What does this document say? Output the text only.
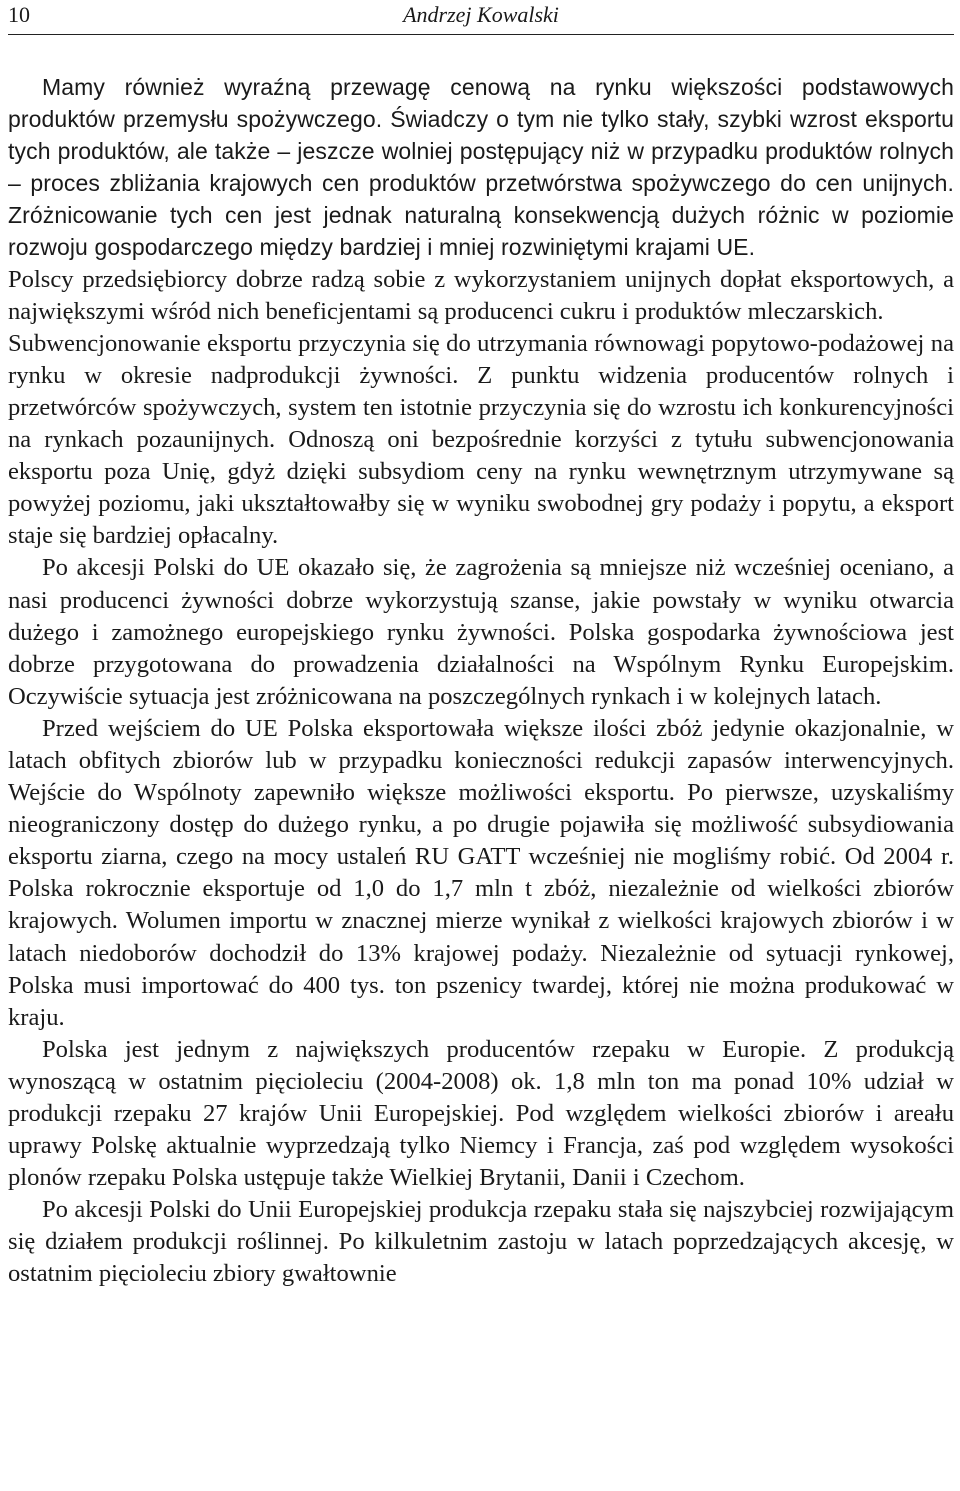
10	Andrzej Kowalski

Mamy również wyraźną przewagę cenową na rynku większości podstawowych produktów przemysłu spożywczego. Świadczy o tym nie tylko stały, szybki wzrost eksportu tych produktów, ale także – jeszcze wolniej postępujący niż w przypadku produktów rolnych – proces zbliżania krajowych cen produktów przetwórstwa spożywczego do cen unijnych. Zróżnicowanie tych cen jest jednak naturalną konsekwencją dużych różnic w poziomie rozwoju gospodarczego między bardziej i mniej rozwiniętymi krajami UE.

Polscy przedsiębiorcy dobrze radzą sobie z wykorzystaniem unijnych dopłat eksportowych, a największymi wśród nich beneficjentami są producenci cukru i produktów mleczarskich.

Subwencjonowanie eksportu przyczynia się do utrzymania równowagi popytowo-podażowej na rynku w okresie nadprodukcji żywności. Z punktu widzenia producentów rolnych i przetwórców spożywczych, system ten istotnie przyczynia się do wzrostu ich konkurencyjności na rynkach pozaunijnych. Odnoszą oni bezpośrednie korzyści z tytułu subwencjonowania eksportu poza Unię, gdyż dzięki subsydiom ceny na rynku wewnętrznym utrzymywane są powyżej poziomu, jaki ukształtowałby się w wyniku swobodnej gry podaży i popytu, a eksport staje się bardziej opłacalny.

Po akcesji Polski do UE okazało się, że zagrożenia są mniejsze niż wcześniej oceniano, a nasi producenci żywności dobrze wykorzystują szanse, jakie powstały w wyniku otwarcia dużego i zamożnego europejskiego rynku żywności. Polska gospodarka żywnościowa jest dobrze przygotowana do prowadzenia działalności na Wspólnym Rynku Europejskim. Oczywiście sytuacja jest zróżnicowana na poszczególnych rynkach i w kolejnych latach.

Przed wejściem do UE Polska eksportowała większe ilości zbóż jedynie okazjonalnie, w latach obfitych zbiorów lub w przypadku konieczności redukcji zapasów interwencyjnych. Wejście do Wspólnoty zapewniło większe możliwości eksportu. Po pierwsze, uzyskaliśmy nieograniczony dostęp do dużego rynku, a po drugie pojawiła się możliwość subsydiowania eksportu ziarna, czego na mocy ustaleń RU GATT wcześniej nie mogliśmy robić. Od 2004 r. Polska rokrocznie eksportuje od 1,0 do 1,7 mln t zbóż, niezależnie od wielkości zbiorów krajowych. Wolumen importu w znacznej mierze wynikał z wielkości krajowych zbiorów i w latach niedoborów dochodził do 13% krajowej podaży. Niezależnie od sytuacji rynkowej, Polska musi importować do 400 tys. ton pszenicy twardej, której nie można produkować w kraju.

Polska jest jednym z największych producentów rzepaku w Europie. Z produkcją wynoszącą w ostatnim pięcioleciu (2004-2008) ok. 1,8 mln ton ma ponad 10% udział w produkcji rzepaku 27 krajów Unii Europejskiej. Pod względem wielkości zbiorów i areału uprawy Polskę aktualnie wyprzedzają tylko Niemcy i Francja, zaś pod względem wysokości plonów rzepaku Polska ustępuje także Wielkiej Brytanii, Danii i Czechom.

Po akcesji Polski do Unii Europejskiej produkcja rzepaku stała się najszybciej rozwijającym się działem produkcji roślinnej. Po kilkuletnim zastoju w latach poprzedzających akcesję, w ostatnim pięcioleciu zbiory gwałtownie
